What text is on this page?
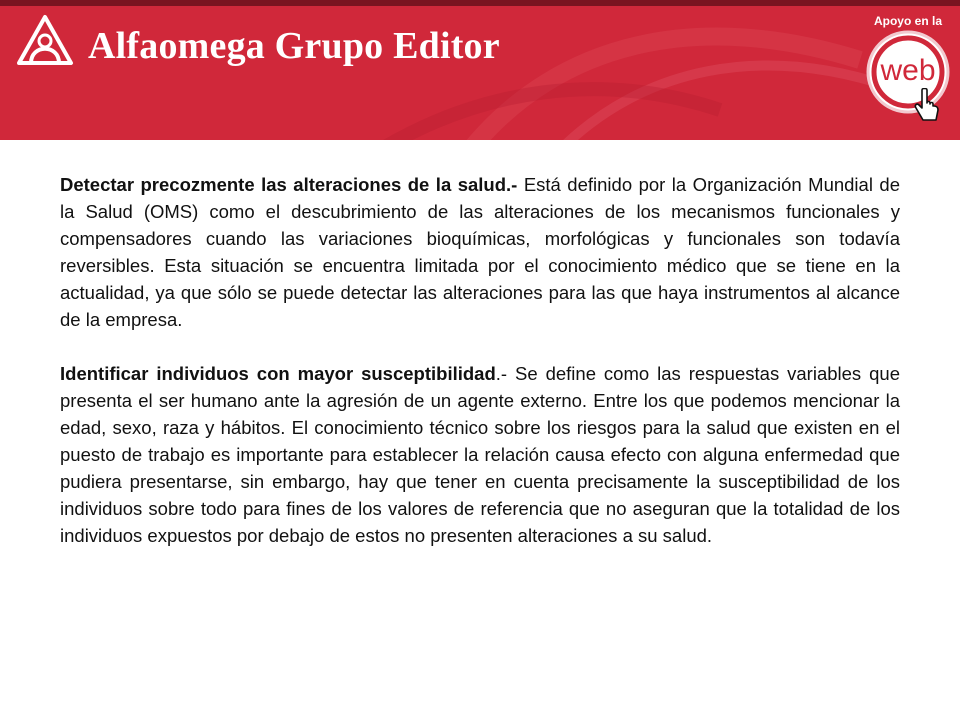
Alfaomega Grupo Editor
Apoyo en la
web

Detectar precozmente las alteraciones de la salud.- Está definido por la Organización Mundial de la Salud (OMS) como el descubrimiento de las alteraciones de los mecanismos funcionales y compensadores cuando las variaciones bioquímicas, morfológicas y funcionales son todavía reversibles. Esta situación se encuentra limitada por el conocimiento médico que se tiene en la actualidad, ya que sólo se puede detectar las alteraciones para las que haya instrumentos al alcance de la empresa.

Identificar individuos con mayor susceptibilidad.- Se define como las respuestas variables que presenta el ser humano ante la agresión de un agente externo. Entre los que podemos mencionar la edad, sexo, raza y hábitos. El conocimiento técnico sobre los riesgos para la salud que existen en el puesto de trabajo es importante para establecer la relación causa efecto con alguna enfermedad que pudiera presentarse, sin embargo, hay que tener en cuenta precisamente la susceptibilidad de los individuos sobre todo para fines de los valores de referencia que no aseguran que la totalidad de los individuos expuestos por debajo de estos no presenten alteraciones a su salud.
